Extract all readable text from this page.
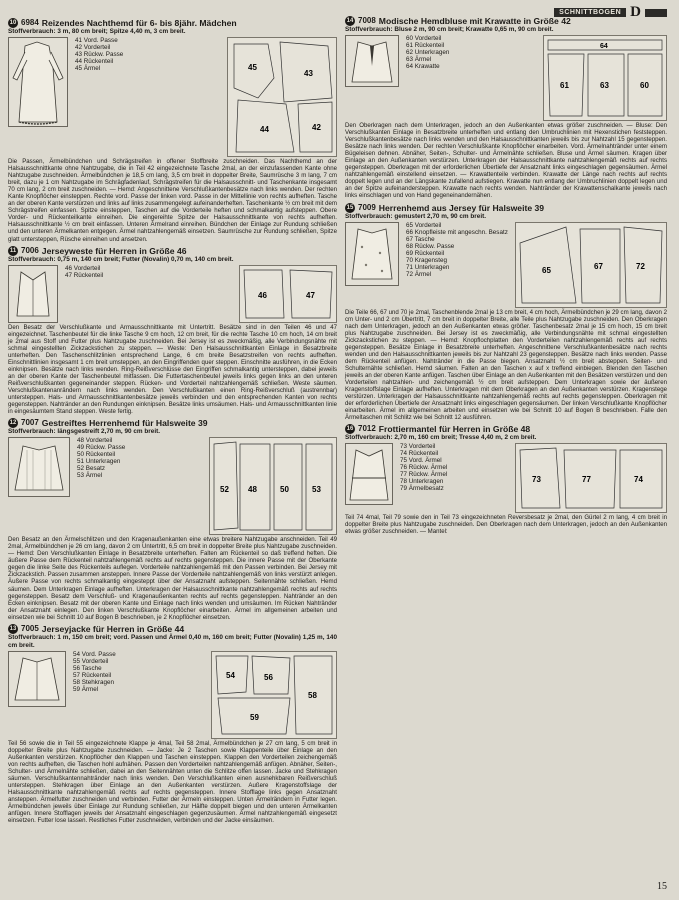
SCHNITTBOGEN D
10 6984 Reizendes Nachthemd für 6- bis 8jähr. Mädchen
Stoffverbrauch: 3 m, 80 cm breit; Spitze 4,40 m, 3 cm breit.
41 Vord. Passe
42 Vorderteil
43 Rückw. Passe
44 Rückenteil
45 Ärmel	45
43
44	42

Die Passen, Ärmelbündchen und Schrägstreifen in offener Stoffbreite zuschneiden. Das Nachthemd an der Halsausschnittkante ohne Nahtzugabe, die in Teil 42 eingezeichnete Tasche 2mal, an der einzufassenden Kante ohne Nahtzugabe zuschneiden. Ärmelbündchen je 18,5 cm lang, 3,5 cm breit in doppelter Breite, Saumrüsche 3 m lang, 7 cm breit, dazu je 1 cm Nahtzugabe im Schrägfadenlauf, Schrägstreifen für die Halsausschnitt- und Taschenkante insgesamt 70 cm lang, 2 cm breit zuschneiden. — Hemd: Angeschnittene Verschlußkantenbesätze nach links wenden. Der rechten Kante Knopflöcher einsteppen. Rechte vord. Passe der linken vord. Passe in der Mittellinie von rechts aufheften. Tasche an der oberen Kante verstürzen und links auf links zusammengelegt aufeinanderheften. Taschenkante ½ cm breit mit dem Schrägstreifen einfassen. Spitze einsteppen, Taschen auf die Vorderteile heften und schmalkantig aufsteppen. Obere Vorder- und Rückenteilkante einreihen. Die eingereihte Spitze der Halsausschnittkante von rechts aufheften. Halsausschnittkante ½ cm breit einfassen. Unteren Ärmelrand einreihen. Bündchen der Einlage zur Rundung schließen und den unteren Ärmelkanten entgegen. Ärmel nahtzahlengemäß einsetzen. Saumrüsche zur Rundung schließen, Spitze glatt untersteppen, Rüsche einreihen und ansetzen.

11 7006 Jerseyweste für Herren in Größe 46
Stoffverbrauch: 0,75 m, 140 cm breit; Futter (Novalin) 0,70 m, 140 cm breit.
46 Vorderteil
47 Rückenteil
46	47

Den Besatz der Verschlußkante und Armausschnittkante mit Untertritt. Besätze sind in den Teilen 46 und 47 eingezeichnet. Taschenbeutel für die linke Tasche 9 cm hoch, 12 cm breit, für die rechte Tasche 10 cm hoch, 14 cm breit je 2mal aus Stoff und Futter plus Nahtzugabe zuschneiden. Bei Jersey ist es zweckmäßig, alle Verbindungsnähte mit schmal eingestellten Zickzackstichen zu steppen. — Weste: Den Halsausschnittkanten Einlage in Besatzbreite unterheften. Den Taschenschlitzlinien entsprechend Lange, 6 cm breite Besatzstreifen von rechts aufheften. Einschnittlinien insgesamt 1 cm breit umsteppen, an den Eingriffenden quer steppen. Einschnitte ausführen, in die Ecken einknipsen. Besätze nach links wenden. Ring-Reißverschlüsse den Eingriffen schmalkantig untersteppen, dabei jeweils an der oberen Kante der Taschenbeutel mitfassen. Die Futtertaschenbeutel jeweils links gegen links an den unteren Reißverschlußkanten gegeneinander steppen. Rücken- und Vorderteil nahtzahlengemäß schließen. Weste säumen. Verschlußkantenanrändern nach links wenden. Den Verschlußkanten einen Ring-Reißverschluß (austrennbar) untersteppen. Hals- und Armausschnittkantenbesätze jeweils verbinden und den entsprechenden Kanten von rechts gegensteppen. Nahtränder an den Rundungen einknipsen. Besätze links umsäumen. Hals- und Armausschnittkanten linie in eingesäumtem Stand steppen. Weste fertig.

12 7007 Gestreiftes Herrenhemd für Halsweite 39
Stoffverbrauch: längsgestreift 2,70 m, 90 cm breit.
48 Vorderteil
49 Rückw. Passe
50 Rückenteil
51 Unterkragen
52 Besatz
53 Ärmel
52 48	50	53

Den Besatz an den Ärmelschlitzen und den Kragenaußenkanten eine etwas breitere Nahtzugabe anschneiden. Teil 49 2mal, Ärmelbündchen je 26 cm lang, davon 2 cm Untertritt, 6,5 cm breit in doppelter Breite plus Nahtzugabe zuschneiden. — Hemd: Den Verschlußkanten Einlage in Besatzbreite unterheften. Falten am Rückenteil so daß treffend heften. Die äußere Passe dem Rückenteil nahtzahlengemäß rechts auf rechts gegensteppen. Die innere Passe mit der Oberkante gegen die linke Seite des Rückenteils auflegen. Vorderteile nahtzahlengemäß mit den Passen verbinden. Bei Jersey mit Zickzackstich. Passen zusammen ansteppen. Innere Passe der Vorderteile nahtzahlengemäß von links verstürzt anlegen. Äußere Passe von rechts schmalkantig eingesteppt über der Ansatznaht aufsteppen. Seitennähte schließen. Hemd säumen. Dem Unterkragen Einlage aufheften. Unterkragen der Halsausschnittkante nahtzahlengemäß rechts auf rechts gegensteppen. Besatz dem Verschluß- und Kragenaußenkanten rechts auf rechts gegensteppen. Nahtränder an den Ecken einknipsen. Besatz mit der oberen Kante und Einlage nach links wenden und umsäumen. Im Rücken Nahtränder der Ansatznaht einlegen. Den linken Verschlußkante Knopflöcher einarbeiten. Ärmel im allgemeinen arbeiten und einsetzen wie bei Schnitt 10 auf Bogen B beschrieben, je 2 Knopflöcher einsetzen.

13 7005 Jerseyjacke für Herren in Größe 44
Stoffverbrauch: 1 m, 150 cm breit; vord. Passen und Ärmel 0,40 m, 160 cm breit; Futter (Novalin) 1,25 m, 140 cm breit.
54 Vord. Passe
55 Vorderteil
56 Tasche
57 Rückenteil
58 Stehkragen
59 Ärmel
54	56
58
59

Teil 56 sowie die in Teil 55 eingezeichnete Klappe je 4mal, Teil 58 2mal, Ärmelbündchen je 27 cm lang, 5 cm breit in doppelter Breite plus Nahtzugabe zuschneiden. — Jacke: Je 2 Taschen sowie Klappenteile über Einlage an den Außenkanten verstürzen. Knopflöcher den Klappen und Taschen einsteppen. Klappen den Vorderteilen zeichengemäß von rechts aufheften, die Taschen hohl aufnähen. Passen den Vorderteilen nahtzahlengemäß anfügen. Abnäher, Seiten-, Schulter- und Ärmelnähte schließen, dabei an den Seitennähten unten die Schlitze offen lassen. Jacke und Stehkragen säumen. Verschlußkantennahtränder nach links wenden. Den Verschlußkanten einen ausnehkbaren Reißverschluß untersteppen. Stehkragen über Einlage an den Außenkanten verstürzen. Außere Kragenstoffslage der Halsausschnittkante nahtzahlengemäß rechts auf rechts gegensteppen. Innere Stofflage links gegen Ansatznaht ansteppen. Ärmelfutter zuschneiden und verbinden. Futter der Ärmeln einsteppen. Unten Ärmelrändern in Futter legen. Ärmelbündchen jeweils über Einlage zur Rundung schließen, zur Hälfte doppelt biegen und den unteren Ärmelkanten anfügen. Innere Stofflagen jeweils der Ansatznaht eingeschlagen gegenzusäumen. Ärmel nahtzahlengemäß eingesetzt einsetzen. Futter lose lassen. Restliches Futter zuschneiden, verbinden und der Jacke einsäumen.

14 7008 Modische Hemdbluse mit Krawatte in Größe 42
Stoffverbrauch: Bluse 2 m, 90 cm breit; Krawatte 0,65 m, 90 cm breit.
60 Vorderteil
61 Rückenteil
62 Unterkragen
63 Ärmel
64 Krawatte
64
61	63	60

Den Oberkragen nach dem Unterkragen, jedoch an den Außenkanten etwas größer zuschneiden. — Bluse: Den Verschlußkanten Einlage in Besatzbreite unterheften und entlang den Umbruchlinien mit Hexenstichen feststeppen. Verschlußkantenbesätze nach links wenden und den Halsausschnittkanten jeweils bis zur Nahtzahl 15 gegensteppen. Besätze nach links wenden. Der rechten Verschlußkante Knopflöcher einarbeiten. Vord. Ärmelnahtränder unter einem Bügeleisen dehnen. Abnäher, Seiten-, Schulter- und Ärmelnähte schließen. Bluse und Ärmel säumen. Kragen über Einlage an den Außenkanten verstürzen. Unterkragen der Halsausschnittkante nahtzahlengemäß rechts auf rechts gegensteppen. Oberkragen mit der erforderlichen Übertiefe der Ansatznaht links eingeschlagen gegensäumen. Ärmel nahtzahlengemäß einstellend einsetzen. — Krawattenteile verbinden. Krawatte der Länge nach rechts auf rechts doppelt legen und an der Längskante zufallend aufstiegen. Krawatte nun entlang der Umbruchlinien doppelt legen und an der Spitze aufeinandersteppen. Krawatte nach rechts wenden. Nahtränder der Krawattenschalkante jeweils nach links einschlagen und von Hand gegeneinandernähen.

15 7009 Herrenhemd aus Jersey für Halsweite 39
Stoffverbrauch: gemustert 2,70 m, 90 cm breit.
65 Vorderteil
66 Knopfleiste mit angeschn. Besatz
67 Tasche
68 Rückw. Passe
69 Rückenteil
70 Kragensteg
71 Unterkragen
72 Ärmel	65	67	72

Die Teile 66, 67 und 70 je 2mal, Taschenblende 2mal je 13 cm breit, 4 cm hoch, Ärmelbündchen je 29 cm lang, davon 2 cm Unter- und 2 cm Übertritt, 7 cm breit in doppelter Breite, alle Teile plus Nahtzugabe zuschneiden. Den Oberkragen nach dem Unterkragen, jedoch an den Außenkanten etwas größer. Taschenbesatz 2mal je 15 cm hoch, 15 cm breit plus Nahtzugabe zuschneiden. Bei Jersey ist es zweckmäßig, alle Verbindungsnähte mit schmal eingestellten Zickzackstichen zu steppen. — Hemd: Knopflochplatten den Vorderteilen nahtzahlengemäß rechts auf rechts gegensteppen. Besätze Einlage in Besatzbreite unterheften. Angeschnittene Verschlußkantenbesätze nach rechts wenden und den Halsausschnittkanten jeweils bis zur Nahtzahl 23 gegensteppen. Besätze nach links wenden. Passe dem Rückenteil anfügen. Nahtränder in die Passe biegen. Ansatznaht ½ cm breit absteppen. Seiten- und Schulternähte schließen. Hemd säumen. Falten an den Taschen x auf x treffend einbiegen. Blenden den Taschen jeweils an der oberen Kante anfügen. Taschen über Einlage an den Außenkanten mit den Besätzen verstürzen und den Vorderteilen nahtzahlen- und zeichengemäß ½ cm breit aufsteppen. Dem Unterkragen sowie der äußeren Kragenstoffslage Einlage aufheften. Unterkragen mit dem Oberkragen an den Außenkanten verstürzen. Kragenstege verstürzen. Unterkragen der Halsausschnittkante nahtzahlengemäß rechts auf rechts gegensteppen. Oberkragen mit der erforderlichen Übertiefe der Ansatznaht links eingeschlagen gegensäumen. Der linken Verschlußkante Knopflöcher einarbeiten. Ärmel im allgemeinen arbeiten und einsetzen wie bei Schnitt 10 auf Bogen B beschrieben. Falle den Ärmeltaschen mit Schlitz wie bei Schnitt 12 ausführen.

16 7012 Frottiermantel für Herren in Größe 48
Stoffverbrauch: 2,70 m, 160 cm breit; Tresse 4,40 m, 2 cm breit.
73 Vorderteil
74 Rückenteil
75 Vord. Ärmel
76 Rückw. Ärmel
77 Rückw. Ärmel
78 Unterkragen
79 Ärmelbesatz
73	77	74

Teil 74 4mal, Teil 79 sowie den in Teil 73 eingezeichneten Reversbesatz je 2mal, den Gürtel 2 m lang, 4 cm breit in doppelter Breite plus Nahtzugabe zuschneiden. Den Oberkragen nach dem Unterkragen, jedoch an den Außenkanten etwas größer zuschneiden. — Mantel:

15
